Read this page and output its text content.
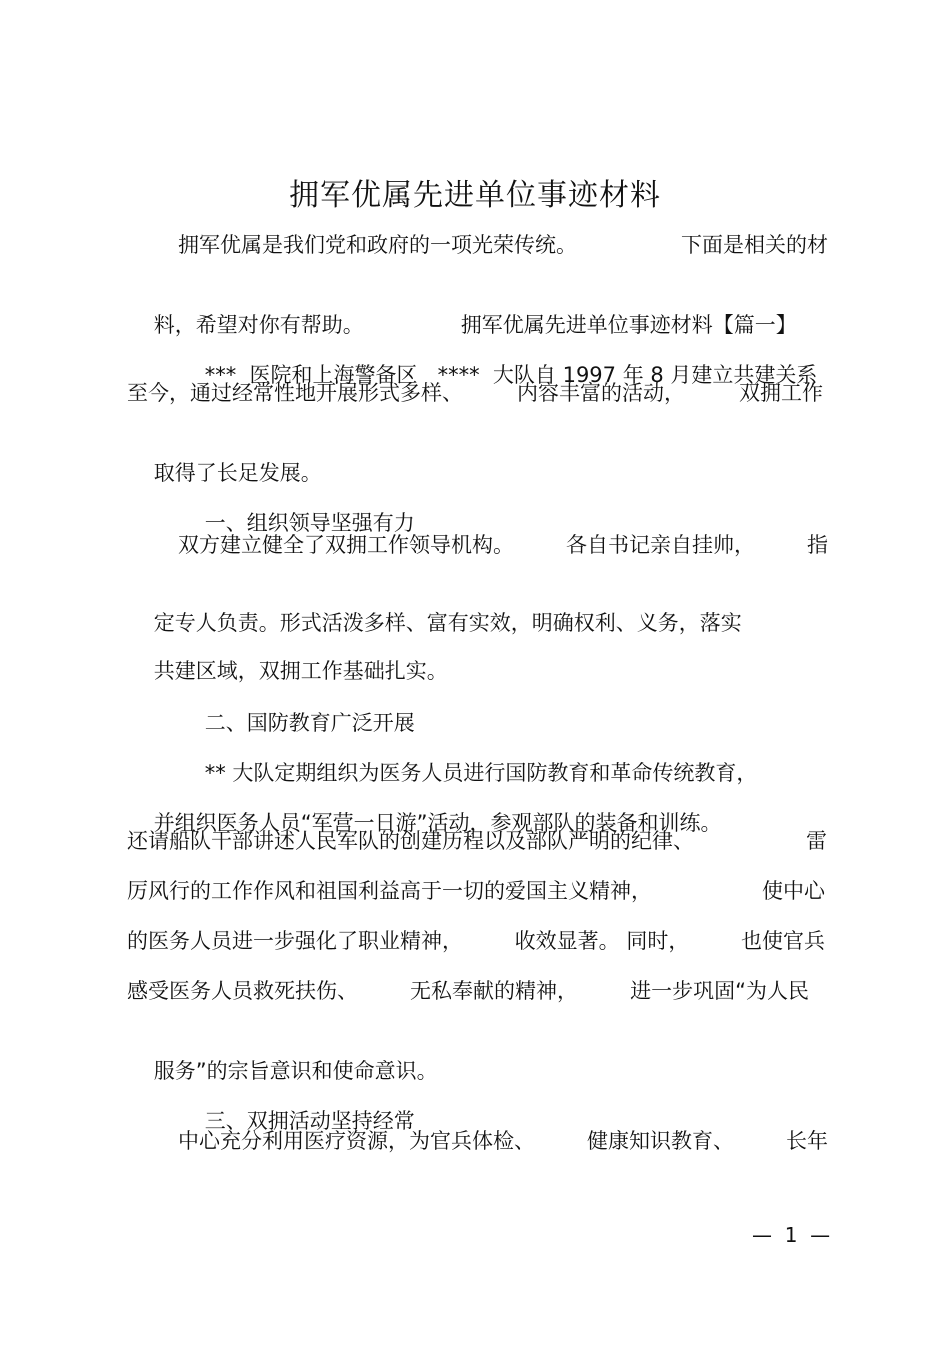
拥军优属先进单位事迹材料
拥军优属是我们党和政府的一项光荣传统。	下面是相关的材

料，希望对你有帮助。	拥军优属先进单位事迹材料【篇一】

***  医院和上海警备区 ****  大队自 1997 年 8 月建立共建关系

至今，通过经常性地开展形式多样、	内容丰富的活动，	双拥工作

取得了长足发展。

一、组织领导坚强有力

双方建立健全了双拥工作领导机构。 各自书记亲自挂帅， 指

定专人负责。形式活泼多样、富有实效，明确权利、义务，落实

共建区域，双拥工作基础扎实。

二、国防教育广泛开展

** 大队定期组织为医务人员进行国防教育和革命传统教育，

并组织医务人员“军营一日游”活动，参观部队的装备和训练。

还请船队干部讲述人民军队的创建历程以及部队严明的纪律、	雷
厉风行的工作作风和祖国利益高于一切的爱国主义精神，	使中心
的医务人员进一步强化了职业精神， 收效显著。 同时， 也使官兵
感受医务人员救死扶伤、 无私奉献的精神， 进一步巩固“为人民

服务”的宗旨意识和使命意识。

三、双拥活动坚持经常

中心充分利用医疗资源，为官兵体检、 健康知识教育、 长年
—  1  —
